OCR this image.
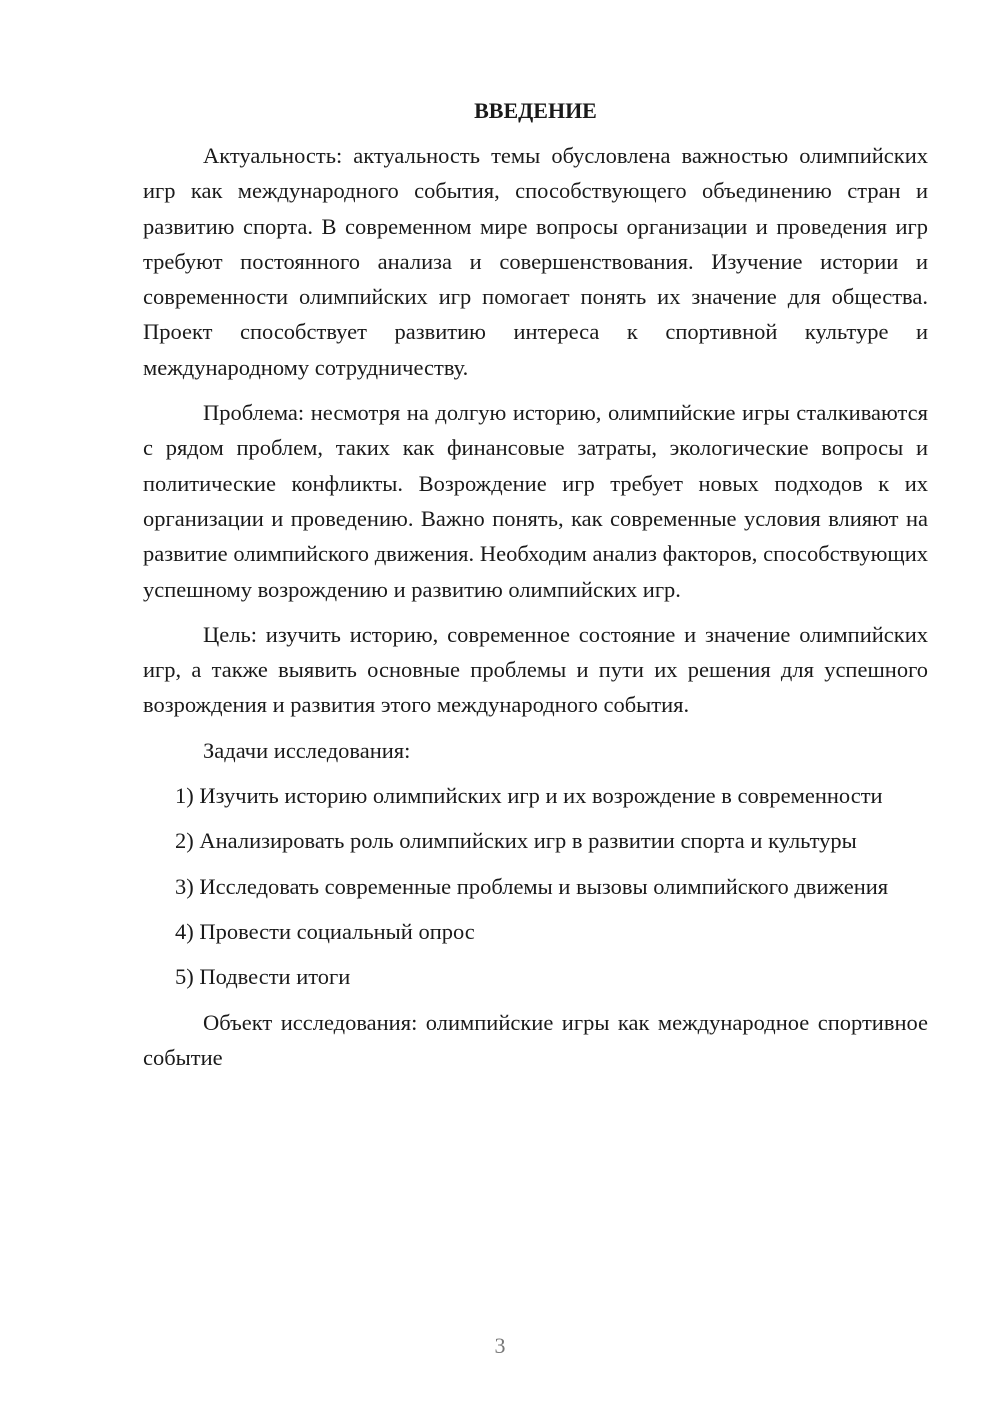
ВВЕДЕНИЕ

Актуальность: актуальность темы обусловлена важностью олимпийских игр как международного события, способствующего объединению стран и развитию спорта. В современном мире вопросы организации и проведения игр требуют постоянного анализа и совершенствования. Изучение истории и современности олимпийских игр помогает понять их значение для общества. Проект способствует развитию интереса к спортивной культуре и международному сотрудничеству.

Проблема: несмотря на долгую историю, олимпийские игры сталкиваются с рядом проблем, таких как финансовые затраты, экологические вопросы и политические конфликты. Возрождение игр требует новых подходов к их организации и проведению. Важно понять, как современные условия влияют на развитие олимпийского движения. Необходим анализ факторов, способствующих успешному возрождению и развитию олимпийских игр.

Цель: изучить историю, современное состояние и значение олимпийских игр, а также выявить основные проблемы и пути их решения для успешного возрождения и развития этого международного события.

Задачи исследования:

1) Изучить историю олимпийских игр и их возрождение в современности

2) Анализировать роль олимпийских игр в развитии спорта и культуры

3) Исследовать современные проблемы и вызовы олимпийского движения

4) Провести социальный опрос

5) Подвести итоги

Объект исследования: олимпийские игры как международное спортивное событие

3
